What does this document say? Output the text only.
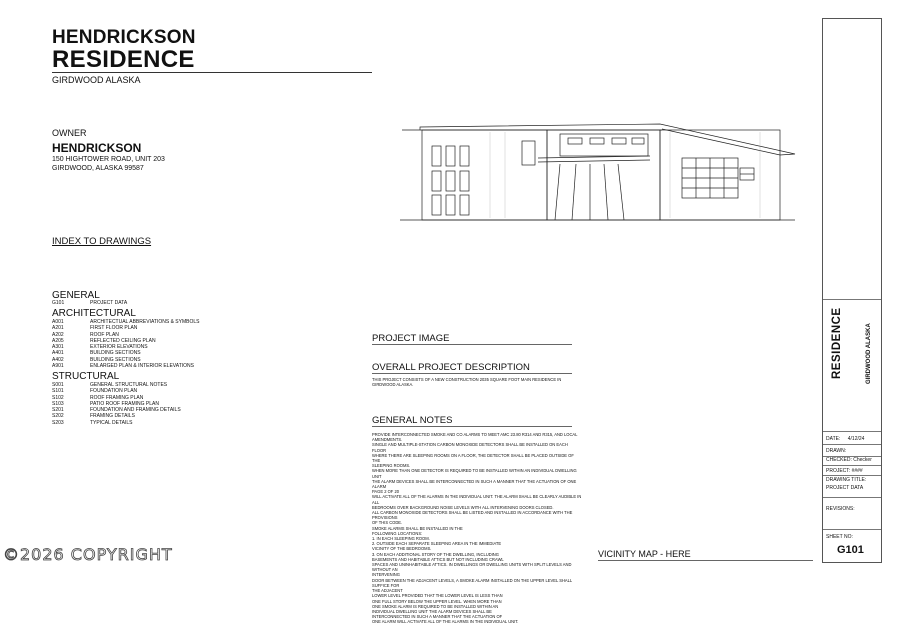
HENDRICKSON
RESIDENCE
GIRDWOOD ALASKA
OWNER
HENDRICKSON
150 HIGHTOWER ROAD, UNIT 203
GIRDWOOD, ALASKA 99587
INDEX TO DRAWINGS
GENERAL
G101	PROJECT DATA
ARCHITECTURAL
A001	ARCHITECTUAL ABBREVIATIONS & SYMBOLS
A201	FIRST FLOOR PLAN
A202	ROOF PLAN
A205	REFLECTED CEILING PLAN
A301	EXTERIOR ELEVATIONS
A401	BUILDING SECTIONS
A402	BUILDING SECTIONS
A901	ENLARGED PLAN & INTERIOR ELEVATIONS
STRUCTURAL
S001	GENERAL STRUCTURAL NOTES
S101	FOUNDATION PLAN
S102	ROOF FRAMING PLAN
S103	PATIO ROOF FRAMING PLAN
S201	FOUNDATION AND FRAMING DETAILS
S202	FRAMING DETAILS
S203	TYPICAL DETAILS
PROJECT IMAGE
OVERALL PROJECT DESCRIPTION
THIS PROJECT CONSISTS OF A NEW CONSTRUCTION 2035 SQUARE FOOT MAIN RESIDENCE IN GIRDWOOD ALASKA.
GENERAL NOTES
PROVIDE INTERCONNECTED SMOKE AND CO ALARMS TO MEET AMC 23.80 R314 AND R315, AND LOCAL AMENDMENTS.
SINGLE AND MULTIPLE-STATION CARBON MONOXIDE DETECTORS SHALL BE INSTALLED ON EACH FLOOR
WHERE THERE ARE SLEEPING ROOMS ON A FLOOR, THE DETECTOR SHALL BE PLACED OUTSIDE OF THE
SLEEPING ROOMS.
WHEN MORE THAN ONE DETECTOR IS REQUIRED TO BE INSTALLED WITHIN AN INDIVIDUAL DWELLING UNIT
THE ALARM DEVICES SHALL BE INTERCONNECTED IN SUCH A MANNER THAT THE ACTUATION OF ONE ALARM
PAGE 2 OF 20
WILL ACTIVATE ALL OF THE ALARMS IN THE INDIVIDUAL UNIT. THE ALARM SHALL BE CLEARLY AUDIBLE IN ALL
BEDROOMS OVER BACKGROUND NOISE LEVELS WITH ALL INTERVENING DOORS CLOSED.
ALL CARBON MONOXIDE DETECTORS SHALL BE LISTED AND INSTALLED IN ACCORDANCE WITH THE PROVISIONS
OF THIS CODE.
SMOKE ALARMS SHALL BE INSTALLED IN THE
FOLLOWING LOCATIONS:
1. IN EACH SLEEPING ROOM.
2. OUTSIDE EACH SEPARATE SLEEPING AREA IN THE IMMEDIATE
VICINITY OF THE BEDROOMS.
3. ON EACH ADDITIONAL STORY OF THE DWELLING, INCLUDING
BASEMENTS AND HABITABLE ATTICS BUT NOT INCLUDING CRAWL
SPACES AND UNINHABITABLE ATTICS. IN DWELLINGS OR DWELLING UNITS WITH SPLIT LEVELS AND WITHOUT AN
INTERVENING
DOOR BETWEEN THE ADJACENT LEVELS, A SMOKE ALARM INSTALLED ON THE UPPER LEVEL SHALL SUFFICE FOR
THE ADJACENT
LOWER LEVEL PROVIDED THAT THE LOWER LEVEL IS LESS THAN
ONE FULL STORY BELOW THE UPPER LEVEL. WHEN MORE THAN
ONE SMOKE ALARM IS REQUIRED TO BE INSTALLED WITHIN AN
INDIVIDUAL DWELLING UNIT THE ALARM DEVICES SHALL BE
INTERCONNECTED IN SUCH A MANNER THAT THE ACTUATION OF
ONE ALARM WILL ACTIVATE ALL OF THE ALARMS IN THE INDIVIDUAL UNIT.
VICINITY MAP - HERE
©2026 COPYRIGHT
RESIDENCE	GIRDWOOD ALASKA
DATE: 4/12/24
DRAWN:
CHECKED: Checker
PROJECT: ####
DRAWING TITLE:
PROJECT DATA
REVISIONS:
SHEET NO:
G101
